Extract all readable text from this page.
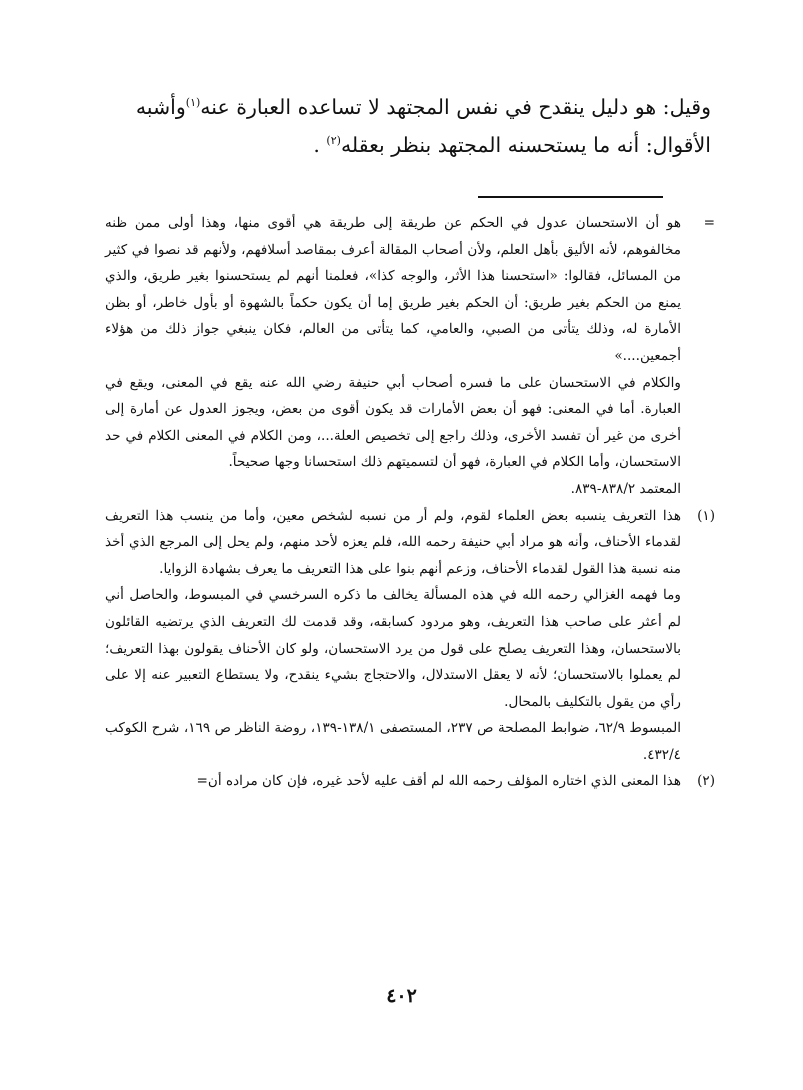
وقيل: هو دليل ينقدح في نفس المجتهد لا تساعده العبارة عنه$^{(١)}$وأشبه

الأقوال: أنه ما يستحسنه المجتهد بنظر بعقله$^{(٢)}$ .

=
هو أن الاستحسان عدول في الحكم عن طريقة إلى طريقة هي أقوى منها، وهذا أولى ممن ظنه مخالفوهم، لأنه الأليق بأهل العلم، ولأن أصحاب المقالة أعرف بمقاصد أسلافهم، ولأنهم قد نصوا في كثير من المسائل، فقالوا: «استحسنا هذا الأثر، والوجه كذا»، فعلمنا أنهم لم يستحسنوا بغير طريق، والذي يمنع من الحكم بغير طريق: أن الحكم بغير طريق إما أن يكون حكماً بالشهوة أو بأول خاطر، أو بظن الأمارة له، وذلك يتأتى من الصبي، والعامي، كما يتأتى من العالم، فكان ينبغي جواز ذلك من هؤلاء أجمعين....»
والكلام في الاستحسان على ما فسره أصحاب أبي حنيفة رضي الله عنه يقع في المعنى، ويقع في العبارة. أما في المعنى: فهو أن بعض الأمارات قد يكون أقوى من بعض، ويجوز العدول عن أمارة إلى أخرى من غير أن تفسد الأخرى، وذلك راجع إلى تخصيص العلة...، ومن الكلام في المعنى الكلام في حد الاستحسان، وأما الكلام في العبارة، فهو أن لتسميتهم ذلك استحسانا وجها صحيحاً.
المعتمد ٨٣٨/٢-٨٣٩.
(١)
هذا التعريف ينسبه بعض العلماء لقوم، ولم أر من نسبه لشخص معين، وأما من ينسب هذا التعريف لقدماء الأحناف، وأنه هو مراد أبي حنيفة رحمه الله، فلم يعزه لأحد منهم، ولم يحل إلى المرجع الذي أخذ منه نسبة هذا القول لقدماء الأحناف، وزعم أنهم بنوا على هذا التعريف ما يعرف بشهادة الزوايا.
وما فهمه الغزالي رحمه الله في هذه المسألة يخالف ما ذكره السرخسي في المبسوط، والحاصل أني لم أعثر على صاحب هذا التعريف، وهو مردود كسابقه، وقد قدمت لك التعريف الذي يرتضيه القائلون بالاستحسان، وهذا التعريف يصلح على قول من يرد الاستحسان، ولو كان الأحناف يقولون بهذا التعريف؛ لم يعملوا بالاستحسان؛ لأنه لا يعقل الاستدلال، والاحتجاج بشيء ينقدح، ولا يستطاع التعبير عنه إلا على رأي من يقول بالتكليف بالمحال.
المبسوط ٦٢/٩، ضوابط المصلحة ص ٢٣٧، المستصفى ١٣٨/١-١٣٩، روضة الناظر ص ١٦٩، شرح الكوكب ٤٣٢/٤.
(٢)
هذا المعنى الذي اختاره المؤلف رحمه الله لم أقف عليه لأحد غيره، فإن كان مراده أن=
٤٠٢
